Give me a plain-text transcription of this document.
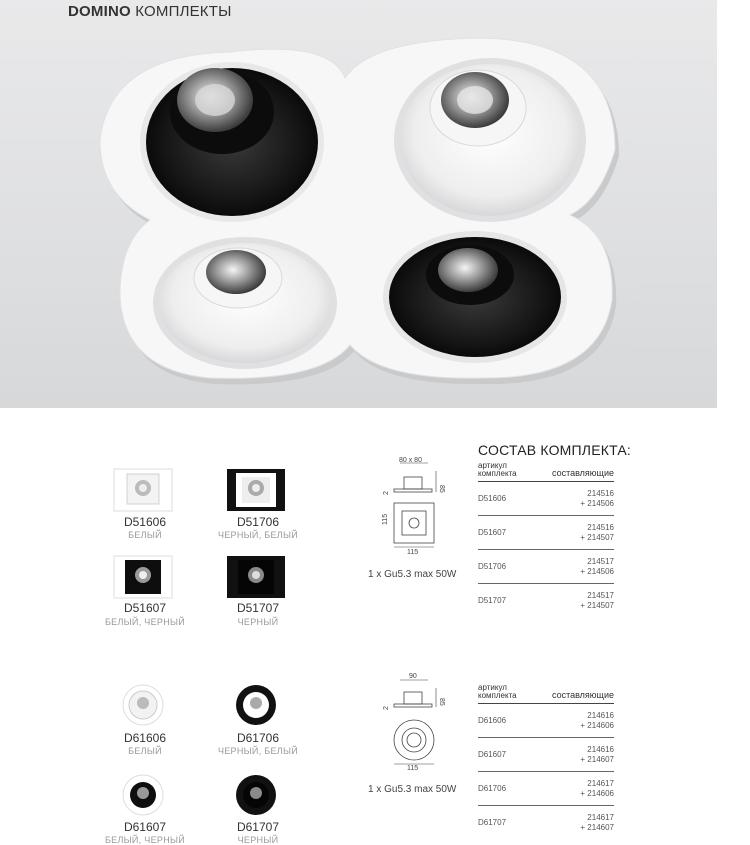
DOMINO КОМПЛЕКТЫ
СОСТАВ КОМПЛЕКТА:
D51606
БЕЛЫЙ
D51706
ЧЕРНЫЙ, БЕЛЫЙ
D51607
БЕЛЫЙ, ЧЕРНЫЙ
D51707
ЧЕРНЫЙ
80 x 80
85
2
115
115
1 x Gu5.3 max 50W
артикул комплекта	составляющие
D51606	214516
+ 214506

D51607	214516
+ 214507

D51706	214517
+ 214506

D51707	214517
+ 214507
D61606
БЕЛЫЙ
D61706
ЧЕРНЫЙ, БЕЛЫЙ
D61607
БЕЛЫЙ, ЧЕРНЫЙ
D61707
ЧЕРНЫЙ
90
85
2
115
1 x Gu5.3 max 50W
артикул комплекта	составляющие
D61606	214616
+ 214606

D61607	214616
+ 214607

D61706	214617
+ 214606

D61707	214617
+ 214607
